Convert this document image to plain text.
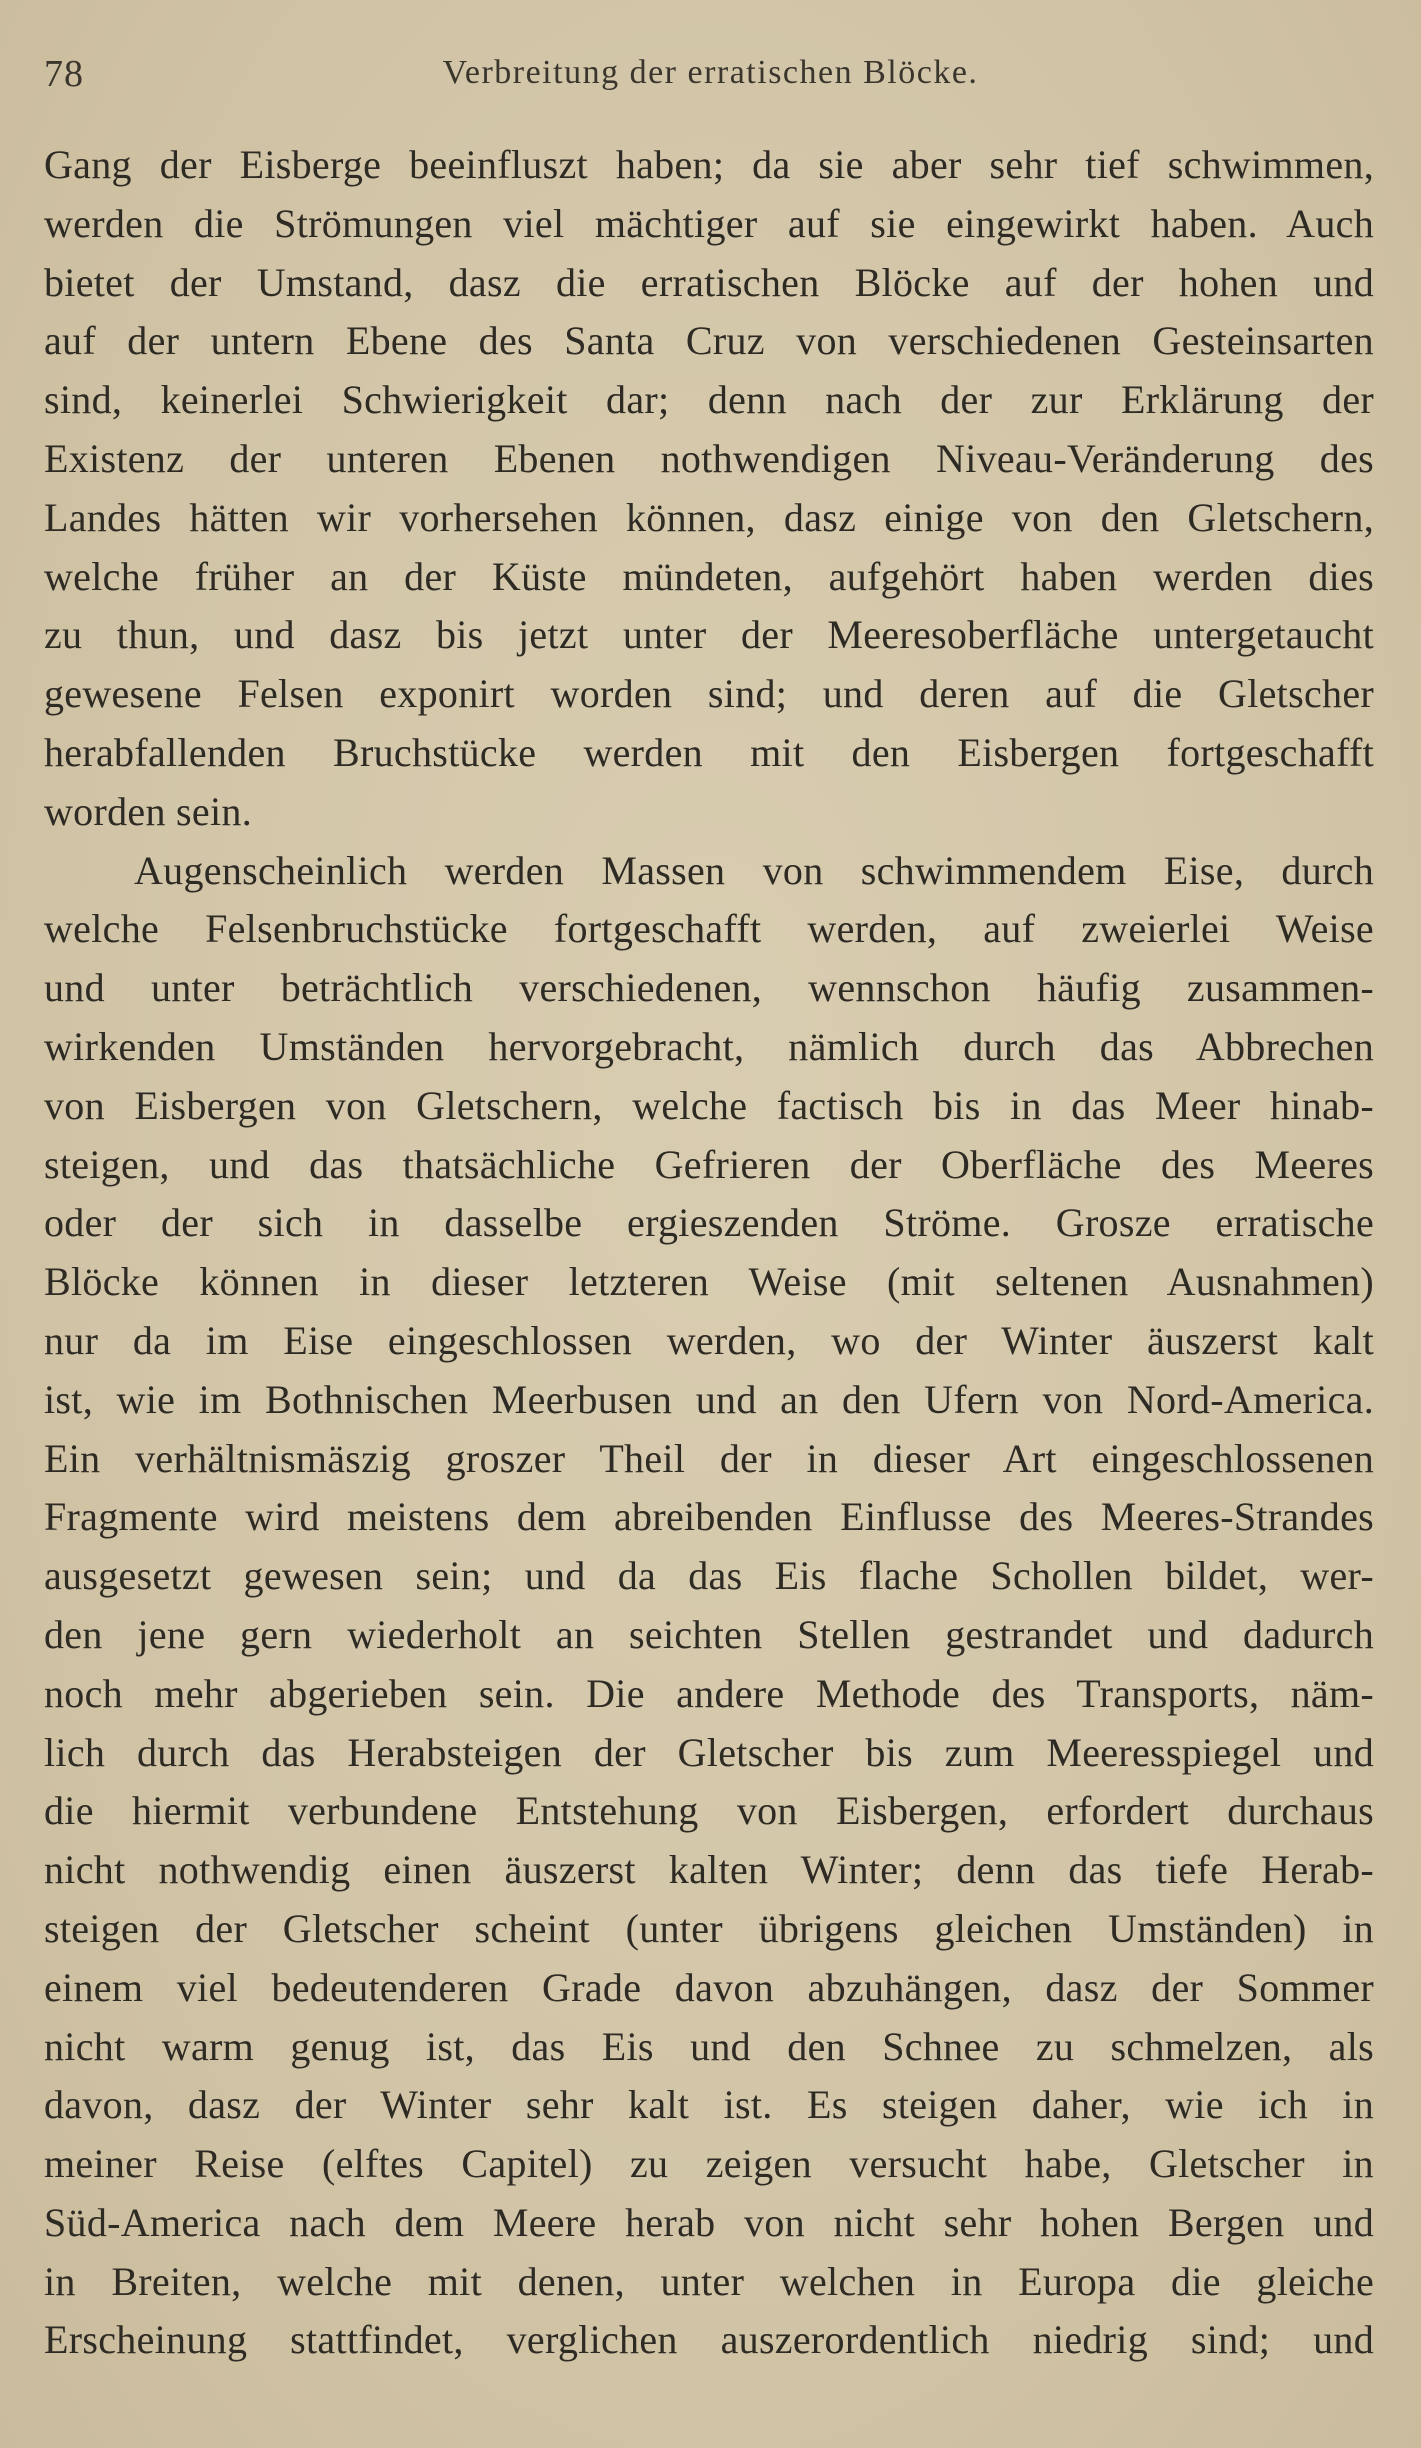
78	Verbreitung der erratischen Blöcke.
Gang der Eisberge beeinfluszt haben; da sie aber sehr tief schwimmen,
werden die Strömungen viel mächtiger auf sie eingewirkt haben. Auch
bietet der Umstand, dasz die erratischen Blöcke auf der hohen und
auf der untern Ebene des Santa Cruz von verschiedenen Gesteinsarten
sind, keinerlei Schwierigkeit dar; denn nach der zur Erklärung der
Existenz der unteren Ebenen nothwendigen Niveau-Veränderung des
Landes hätten wir vorhersehen können, dasz einige von den Gletschern,
welche früher an der Küste mündeten, aufgehört haben werden dies
zu thun, und dasz bis jetzt unter der Meeresoberfläche untergetaucht
gewesene Felsen exponirt worden sind; und deren auf die Gletscher
herabfallenden Bruchstücke werden mit den Eisbergen fortgeschafft
worden sein.
Augenscheinlich werden Massen von schwimmendem Eise, durch
welche Felsenbruchstücke fortgeschafft werden, auf zweierlei Weise
und unter beträchtlich verschiedenen, wennschon häufig zusammen-
wirkenden Umständen hervorgebracht, nämlich durch das Abbrechen
von Eisbergen von Gletschern, welche factisch bis in das Meer hinab-
steigen, und das thatsächliche Gefrieren der Oberfläche des Meeres
oder der sich in dasselbe ergieszenden Ströme. Grosze erratische
Blöcke können in dieser letzteren Weise (mit seltenen Ausnahmen)
nur da im Eise eingeschlossen werden, wo der Winter äuszerst kalt
ist, wie im Bothnischen Meerbusen und an den Ufern von Nord-America.
Ein verhältnismäszig groszer Theil der in dieser Art eingeschlossenen
Fragmente wird meistens dem abreibenden Einflusse des Meeres-Strandes
ausgesetzt gewesen sein; und da das Eis flache Schollen bildet, wer-
den jene gern wiederholt an seichten Stellen gestrandet und dadurch
noch mehr abgerieben sein. Die andere Methode des Transports, näm-
lich durch das Herabsteigen der Gletscher bis zum Meeresspiegel und
die hiermit verbundene Entstehung von Eisbergen, erfordert durchaus
nicht nothwendig einen äuszerst kalten Winter; denn das tiefe Herab-
steigen der Gletscher scheint (unter übrigens gleichen Umständen) in
einem viel bedeutenderen Grade davon abzuhängen, dasz der Sommer
nicht warm genug ist, das Eis und den Schnee zu schmelzen, als
davon, dasz der Winter sehr kalt ist. Es steigen daher, wie ich in
meiner Reise (elftes Capitel) zu zeigen versucht habe, Gletscher in
Süd-America nach dem Meere herab von nicht sehr hohen Bergen und
in Breiten, welche mit denen, unter welchen in Europa die gleiche
Erscheinung stattfindet, verglichen auszerordentlich niedrig sind; und
